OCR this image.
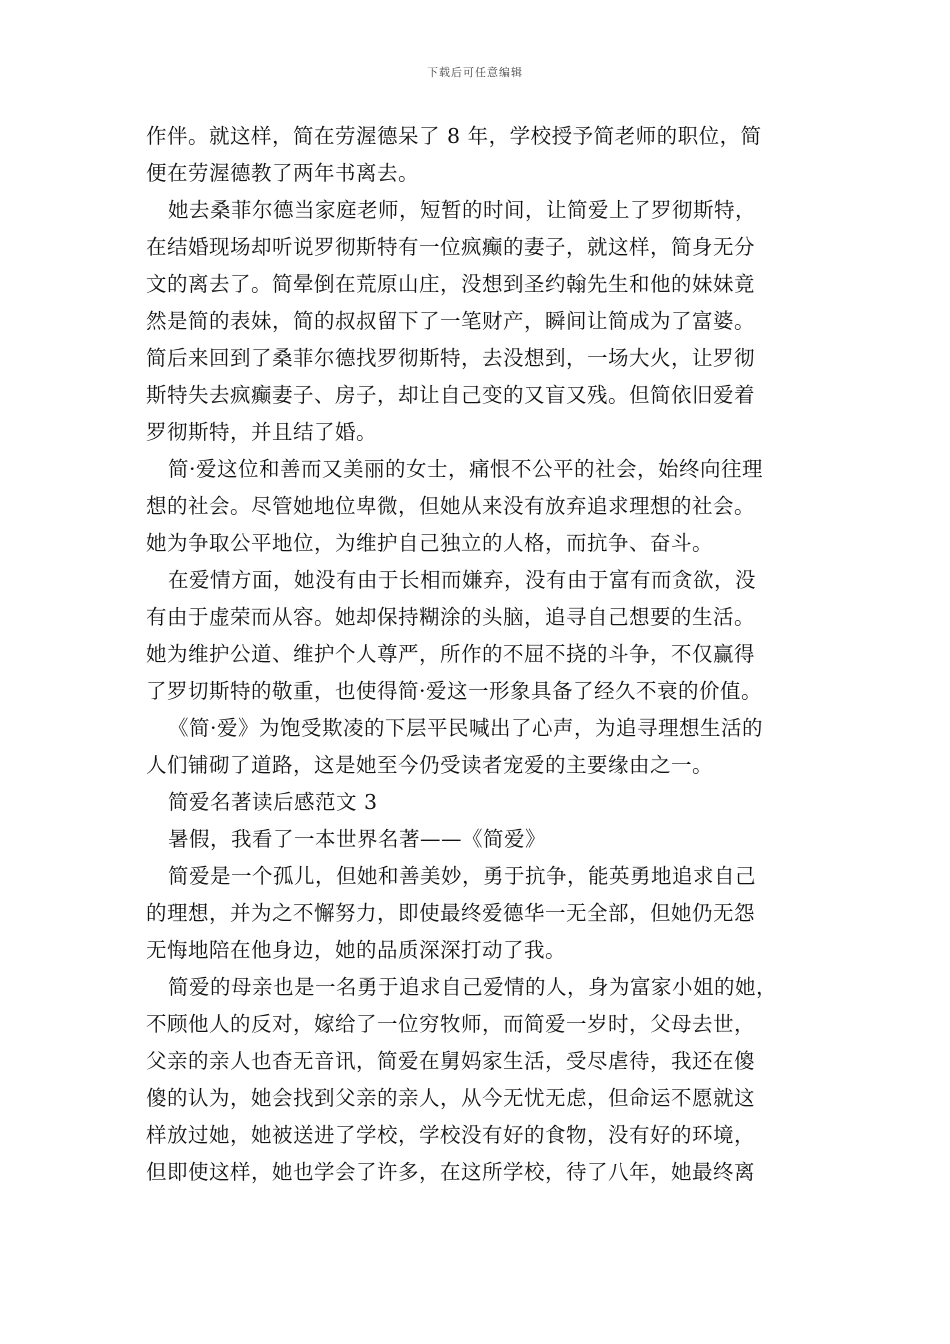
下载后可任意编辑
作伴。就这样，简在劳渥德呆了 8 年，学校授予简老师的职位，简
便在劳渥德教了两年书离去。
她去桑菲尔德当家庭老师，短暂的时间，让简爱上了罗彻斯特，
在结婚现场却听说罗彻斯特有一位疯癫的妻子，就这样，简身无分
文的离去了。简晕倒在荒原山庄，没想到圣约翰先生和他的妹妹竟
然是简的表妹，简的叔叔留下了一笔财产，瞬间让简成为了富婆。
简后来回到了桑菲尔德找罗彻斯特，去没想到，一场大火，让罗彻
斯特失去疯癫妻子、房子，却让自己变的又盲又残。但简依旧爱着
罗彻斯特，并且结了婚。
简·爱这位和善而又美丽的女士，痛恨不公平的社会，始终向往理
想的社会。尽管她地位卑微，但她从来没有放弃追求理想的社会。
她为争取公平地位，为维护自己独立的人格，而抗争、奋斗。
在爱情方面，她没有由于长相而嫌弃，没有由于富有而贪欲，没
有由于虚荣而从容。她却保持糊涂的头脑，追寻自己想要的生活。
她为维护公道、维护个人尊严，所作的不屈不挠的斗争，不仅赢得
了罗切斯特的敬重，也使得简·爱这一形象具备了经久不衰的价值。
《简·爱》为饱受欺凌的下层平民喊出了心声，为追寻理想生活的
人们铺砌了道路，这是她至今仍受读者宠爱的主要缘由之一。
简爱名著读后感范文 3
暑假，我看了一本世界名著——《简爱》
简爱是一个孤儿，但她和善美妙，勇于抗争，能英勇地追求自己
的理想，并为之不懈努力，即使最终爱德华一无全部，但她仍无怨
无悔地陪在他身边，她的品质深深打动了我。
简爱的母亲也是一名勇于追求自己爱情的人，身为富家小姐的她，
不顾他人的反对，嫁给了一位穷牧师，而简爱一岁时，父母去世，
父亲的亲人也杳无音讯，简爱在舅妈家生活，受尽虐待，我还在傻
傻的认为，她会找到父亲的亲人，从今无忧无虑，但命运不愿就这
样放过她，她被送进了学校，学校没有好的食物，没有好的环境，
但即使这样，她也学会了许多，在这所学校，待了八年，她最终离
